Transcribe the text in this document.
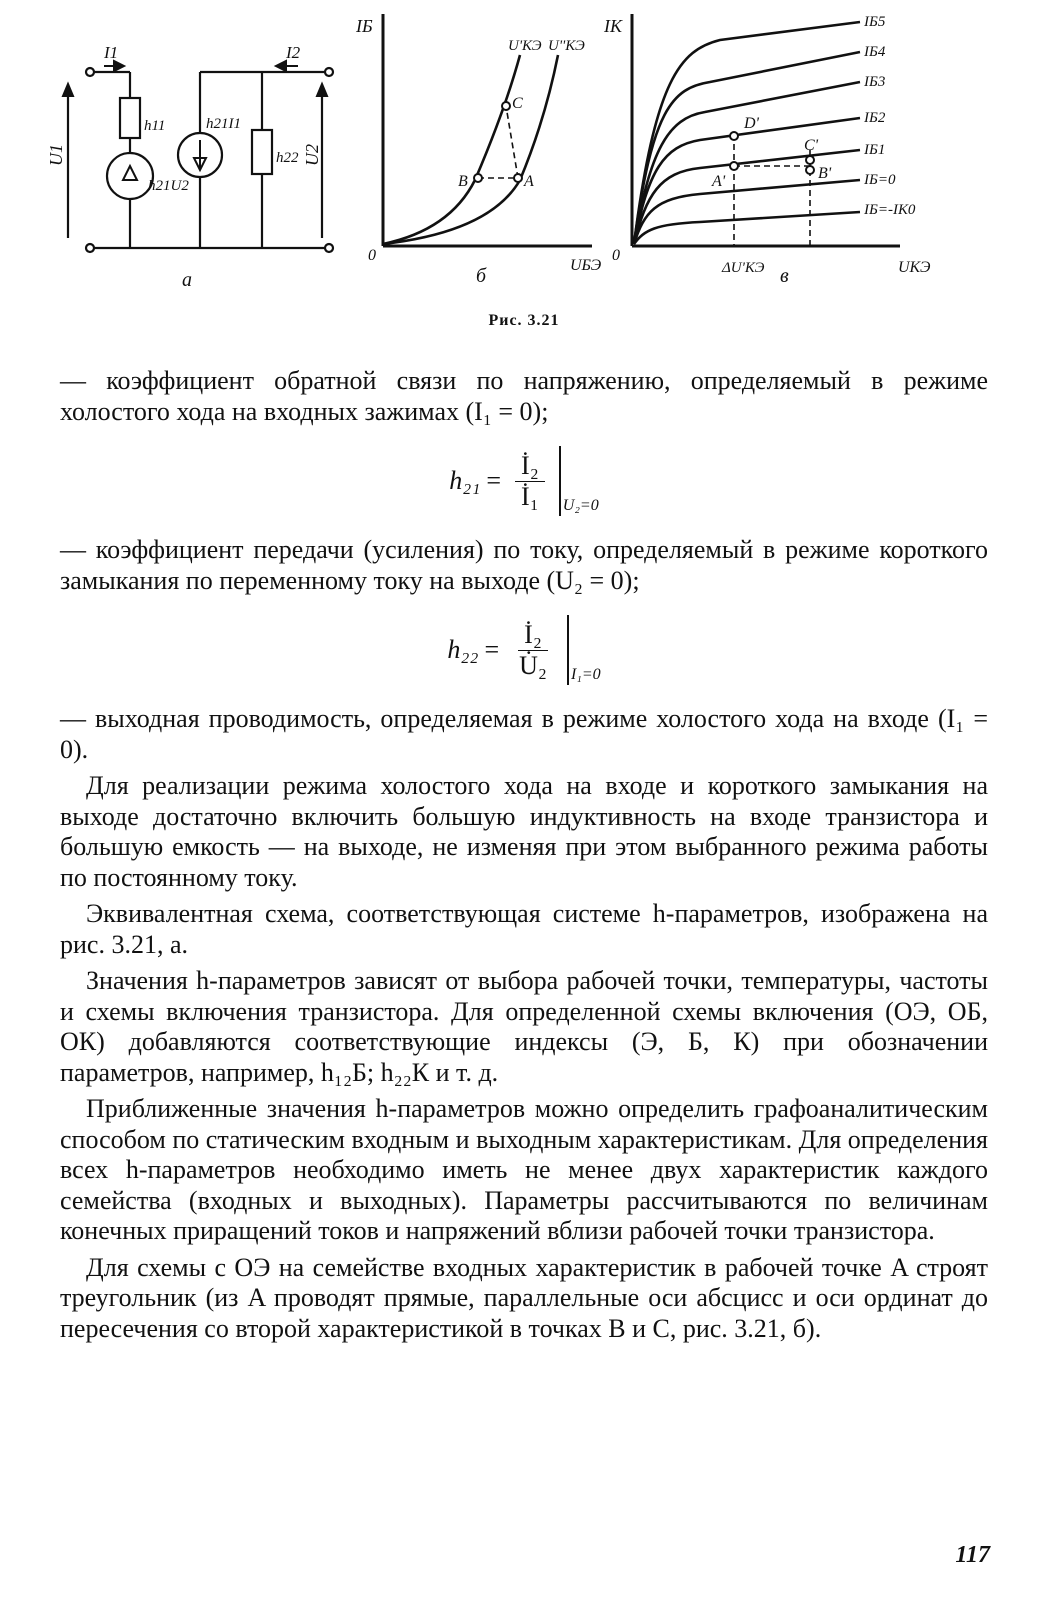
I1	I2
U1	U2
h11	h21I1
h21U2
h22
а
IБ
UБЭ
0
U'КЭ U''КЭ
A
B
C
б
IК
UКЭ
0
ΔU'КЭ в
IБ5
IБ4
IБ3
IБ2
IБ1
IБ=0
IБ=-IК0
D'
A'	B'
C'
Рис. 3.21

— коэффициент обратной связи по напряжению, определяемый в режиме холостого хода на входных зажимах (I₁ = 0);

$h_{21} = \frac{\text{İ₂}}{\text{İ₁}} U_2=0$

— коэффициент передачи (усиления) по току, определяемый в режиме короткого замыкания по переменному току на выходе (U₂ = 0);

$h_{22} = \frac{\text{İ₂}}{\text{U̇₂}} I_1=0$

— выходная проводимость, определяемая в режиме холостого хода на входе (I₁ = 0).

Для реализации режима холостого хода на входе и короткого замыкания на выходе достаточно включить большую индуктивность на входе транзистора и большую емкость — на выходе, не изменяя при этом выбранного режима работы по постоянному току.

Эквивалентная схема, соответствующая системе h-параметров, изображена на рис. 3.21, а.

Значения h-параметров зависят от выбора рабочей точки, температуры, частоты и схемы включения транзистора. Для определенной схемы включения (ОЭ, ОБ, ОК) добавляются соответствующие индексы (Э, Б, К) при обозначении параметров, например, h₁₂Б; h₂₂К и т. д.

Приближенные значения h-параметров можно определить графоаналитическим способом по статическим входным и выходным характеристикам. Для определения всех h-параметров необходимо иметь не менее двух характеристик каждого семейства (входных и выходных). Параметры рассчитываются по величинам конечных приращений токов и напряжений вблизи рабочей точки транзистора.

Для схемы с ОЭ на семействе входных характеристик в рабочей точке A строят треугольник (из A проводят прямые, параллельные оси абсцисс и оси ординат до пересечения со второй характеристикой в точках B и C, рис. 3.21, б).

117
